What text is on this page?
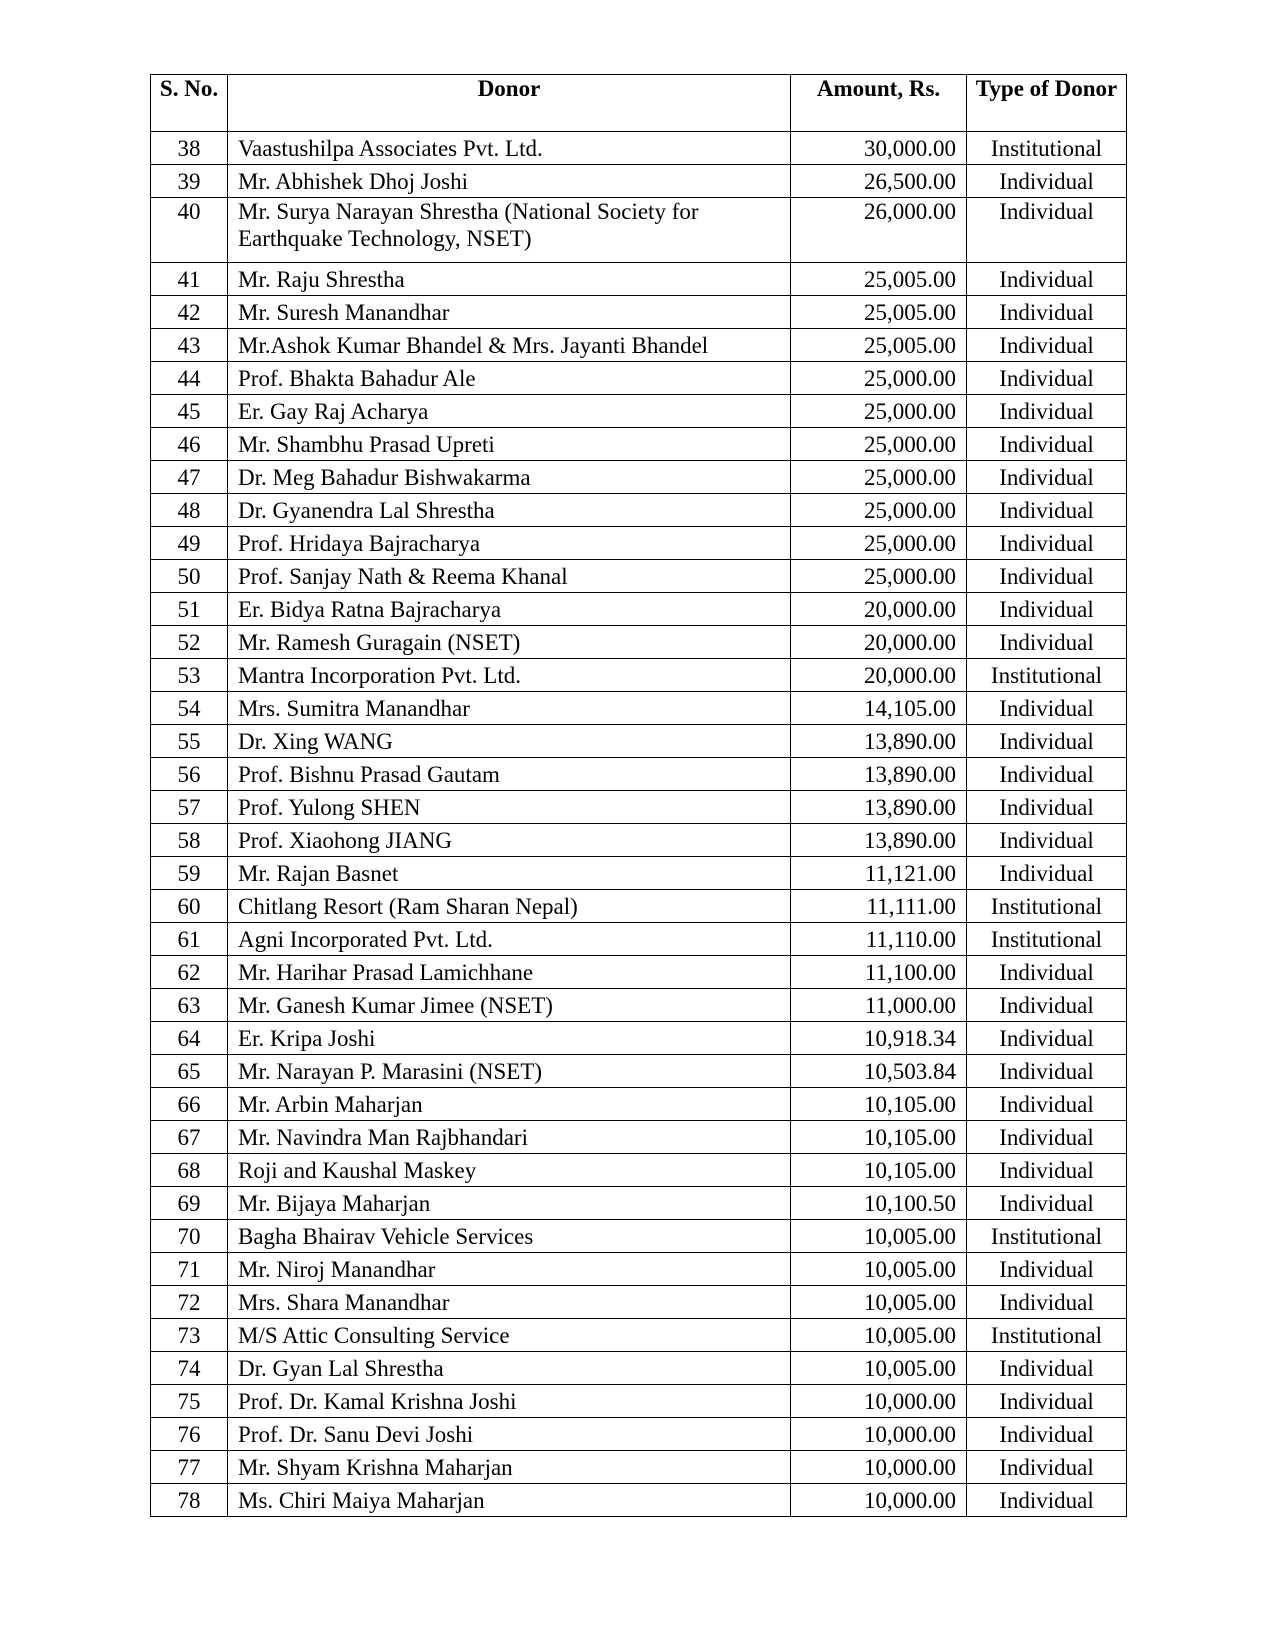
S. No.	Donor	Amount, Rs.	Type of Donor
38	Vaastushilpa Associates Pvt. Ltd.	30,000.00	Institutional
39	Mr. Abhishek Dhoj Joshi	26,500.00	Individual
40	Mr. Surya Narayan Shrestha (National Society for Earthquake Technology, NSET)	26,000.00	Individual
41	Mr. Raju Shrestha	25,005.00	Individual
42	Mr. Suresh Manandhar	25,005.00	Individual
43	Mr.Ashok Kumar Bhandel & Mrs. Jayanti Bhandel	25,005.00	Individual
44	Prof. Bhakta Bahadur Ale	25,000.00	Individual
45	Er. Gay Raj Acharya	25,000.00	Individual
46	Mr. Shambhu Prasad Upreti	25,000.00	Individual
47	Dr. Meg Bahadur Bishwakarma	25,000.00	Individual
48	Dr. Gyanendra Lal Shrestha	25,000.00	Individual
49	Prof. Hridaya Bajracharya	25,000.00	Individual
50	Prof. Sanjay Nath & Reema Khanal	25,000.00	Individual
51	Er. Bidya Ratna Bajracharya	20,000.00	Individual
52	Mr. Ramesh Guragain (NSET)	20,000.00	Individual
53	Mantra Incorporation Pvt. Ltd.	20,000.00	Institutional
54	Mrs. Sumitra Manandhar	14,105.00	Individual
55	Dr. Xing WANG	13,890.00	Individual
56	Prof. Bishnu Prasad Gautam	13,890.00	Individual
57	Prof. Yulong SHEN	13,890.00	Individual
58	Prof. Xiaohong JIANG	13,890.00	Individual
59	Mr. Rajan Basnet	11,121.00	Individual
60	Chitlang Resort (Ram Sharan Nepal)	11,111.00	Institutional
61	Agni Incorporated Pvt. Ltd.	11,110.00	Institutional
62	Mr. Harihar Prasad Lamichhane	11,100.00	Individual
63	Mr. Ganesh Kumar Jimee (NSET)	11,000.00	Individual
64	Er. Kripa Joshi	10,918.34	Individual
65	Mr. Narayan P. Marasini (NSET)	10,503.84	Individual
66	Mr. Arbin Maharjan	10,105.00	Individual
67	Mr. Navindra Man Rajbhandari	10,105.00	Individual
68	Roji and Kaushal Maskey	10,105.00	Individual
69	Mr. Bijaya Maharjan	10,100.50	Individual
70	Bagha Bhairav Vehicle Services	10,005.00	Institutional
71	Mr. Niroj Manandhar	10,005.00	Individual
72	Mrs. Shara Manandhar	10,005.00	Individual
73	M/S Attic Consulting Service	10,005.00	Institutional
74	Dr. Gyan Lal Shrestha	10,005.00	Individual
75	Prof. Dr. Kamal Krishna Joshi	10,000.00	Individual
76	Prof. Dr. Sanu Devi Joshi	10,000.00	Individual
77	Mr. Shyam Krishna Maharjan	10,000.00	Individual
78	Ms. Chiri Maiya Maharjan	10,000.00	Individual
